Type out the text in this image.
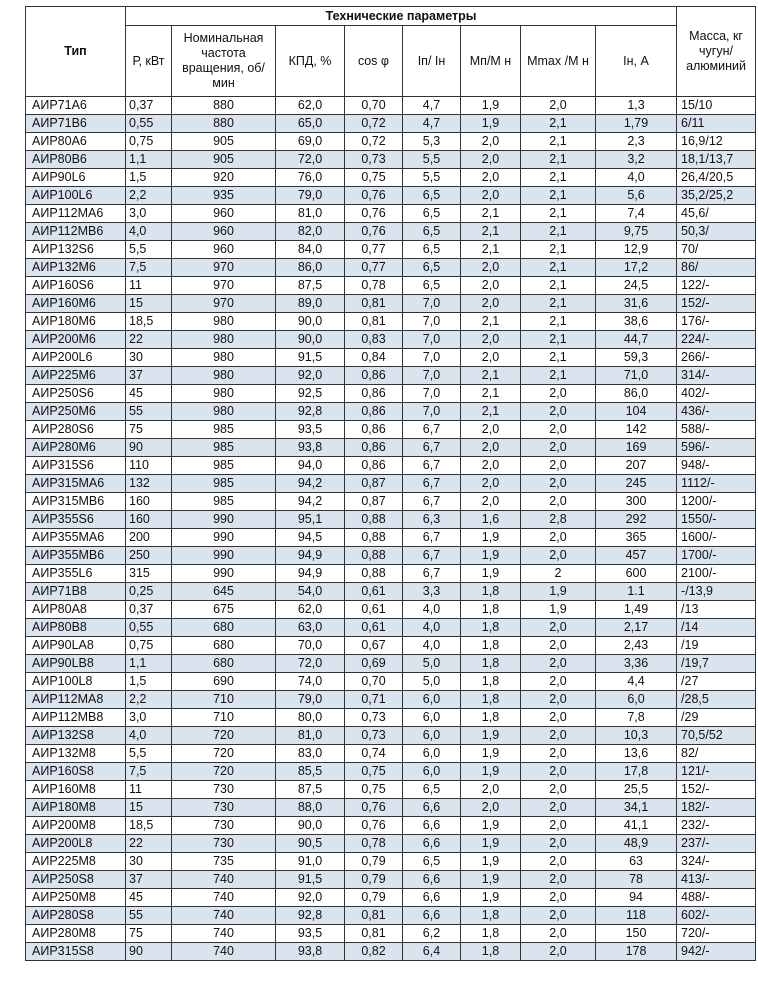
Тип	Технические параметры								Масса, кг чугун/ алюминий
	Р, кВт	Номинальная частота вращения, об/мин	КПД, %	cos φ	Iп/ Iн	Мп/М н	Mmax /М н	Iн, А	
АИР71А6	0,37	880	62,0	0,70	4,7	1,9	2,0	1,3	15/10
АИР71В6	0,55	880	65,0	0,72	4,7	1,9	2,1	1,79	6/11
АИР80А6	0,75	905	69,0	0,72	5,3	2,0	2,1	2,3	16,9/12
АИР80В6	1,1	905	72,0	0,73	5,5	2,0	2,1	3,2	18,1/13,7
АИР90L6	1,5	920	76,0	0,75	5,5	2,0	2,1	4,0	26,4/20,5
АИР100L6	2,2	935	79,0	0,76	6,5	2,0	2,1	5,6	35,2/25,2
АИР112МА6	3,0	960	81,0	0,76	6,5	2,1	2,1	7,4	45,6/
АИР112МВ6	4,0	960	82,0	0,76	6,5	2,1	2,1	9,75	50,3/
АИР132S6	5,5	960	84,0	0,77	6,5	2,1	2,1	12,9	70/
АИР132М6	7,5	970	86,0	0,77	6,5	2,0	2,1	17,2	86/
АИР160S6	11	970	87,5	0,78	6,5	2,0	2,1	24,5	122/-
АИР160М6	15	970	89,0	0,81	7,0	2,0	2,1	31,6	152/-
АИР180М6	18,5	980	90,0	0,81	7,0	2,1	2,1	38,6	176/-
АИР200М6	22	980	90,0	0,83	7,0	2,0	2,1	44,7	224/-
АИР200L6	30	980	91,5	0,84	7,0	2,0	2,1	59,3	266/-
АИР225М6	37	980	92,0	0,86	7,0	2,1	2,1	71,0	314/-
АИР250S6	45	980	92,5	0,86	7,0	2,1	2,0	86,0	402/-
АИР250М6	55	980	92,8	0,86	7,0	2,1	2,0	104	436/-
АИР280S6	75	985	93,5	0,86	6,7	2,0	2,0	142	588/-
АИР280М6	90	985	93,8	0,86	6,7	2,0	2,0	169	596/-
АИР315S6	110	985	94,0	0,86	6,7	2,0	2,0	207	948/-
АИР315МА6	132	985	94,2	0,87	6,7	2,0	2,0	245	1112/-
АИР315МВ6	160	985	94,2	0,87	6,7	2,0	2,0	300	1200/-
АИР355S6	160	990	95,1	0,88	6,3	1,6	2,8	292	1550/-
АИР355МА6	200	990	94,5	0,88	6,7	1,9	2,0	365	1600/-
АИР355МВ6	250	990	94,9	0,88	6,7	1,9	2,0	457	1700/-
АИР355L6	315	990	94,9	0,88	6,7	1,9	2	600	2100/-
АИР71В8	0,25	645	54,0	0,61	3,3	1,8	1,9	1.1	-/13,9
АИР80А8	0,37	675	62,0	0,61	4,0	1,8	1,9	1,49	/13
АИР80В8	0,55	680	63,0	0,61	4,0	1,8	2,0	2,17	/14
АИР90LA8	0,75	680	70,0	0,67	4,0	1,8	2,0	2,43	/19
АИР90LB8	1,1	680	72,0	0,69	5,0	1,8	2,0	3,36	/19,7
АИР100L8	1,5	690	74,0	0,70	5,0	1,8	2,0	4,4	/27
АИР112МА8	2,2	710	79,0	0,71	6,0	1,8	2,0	6,0	/28,5
АИР112МВ8	3,0	710	80,0	0,73	6,0	1,8	2,0	7,8	/29
АИР132S8	4,0	720	81,0	0,73	6,0	1,9	2,0	10,3	70,5/52
АИР132М8	5,5	720	83,0	0,74	6,0	1,9	2,0	13,6	82/
АИР160S8	7,5	720	85,5	0,75	6,0	1,9	2,0	17,8	121/-
АИР160М8	11	730	87,5	0,75	6,5	2,0	2,0	25,5	152/-
АИР180М8	15	730	88,0	0,76	6,6	2,0	2,0	34,1	182/-
АИР200М8	18,5	730	90,0	0,76	6,6	1,9	2,0	41,1	232/-
АИР200L8	22	730	90,5	0,78	6,6	1,9	2,0	48,9	237/-
АИР225М8	30	735	91,0	0,79	6,5	1,9	2,0	63	324/-
АИР250S8	37	740	91,5	0,79	6,6	1,9	2,0	78	413/-
АИР250М8	45	740	92,0	0,79	6,6	1,9	2,0	94	488/-
АИР280S8	55	740	92,8	0,81	6,6	1,8	2,0	118	602/-
АИР280М8	75	740	93,5	0,81	6,2	1,8	2,0	150	720/-
АИР315S8	90	740	93,8	0,82	6,4	1,8	2,0	178	942/-
